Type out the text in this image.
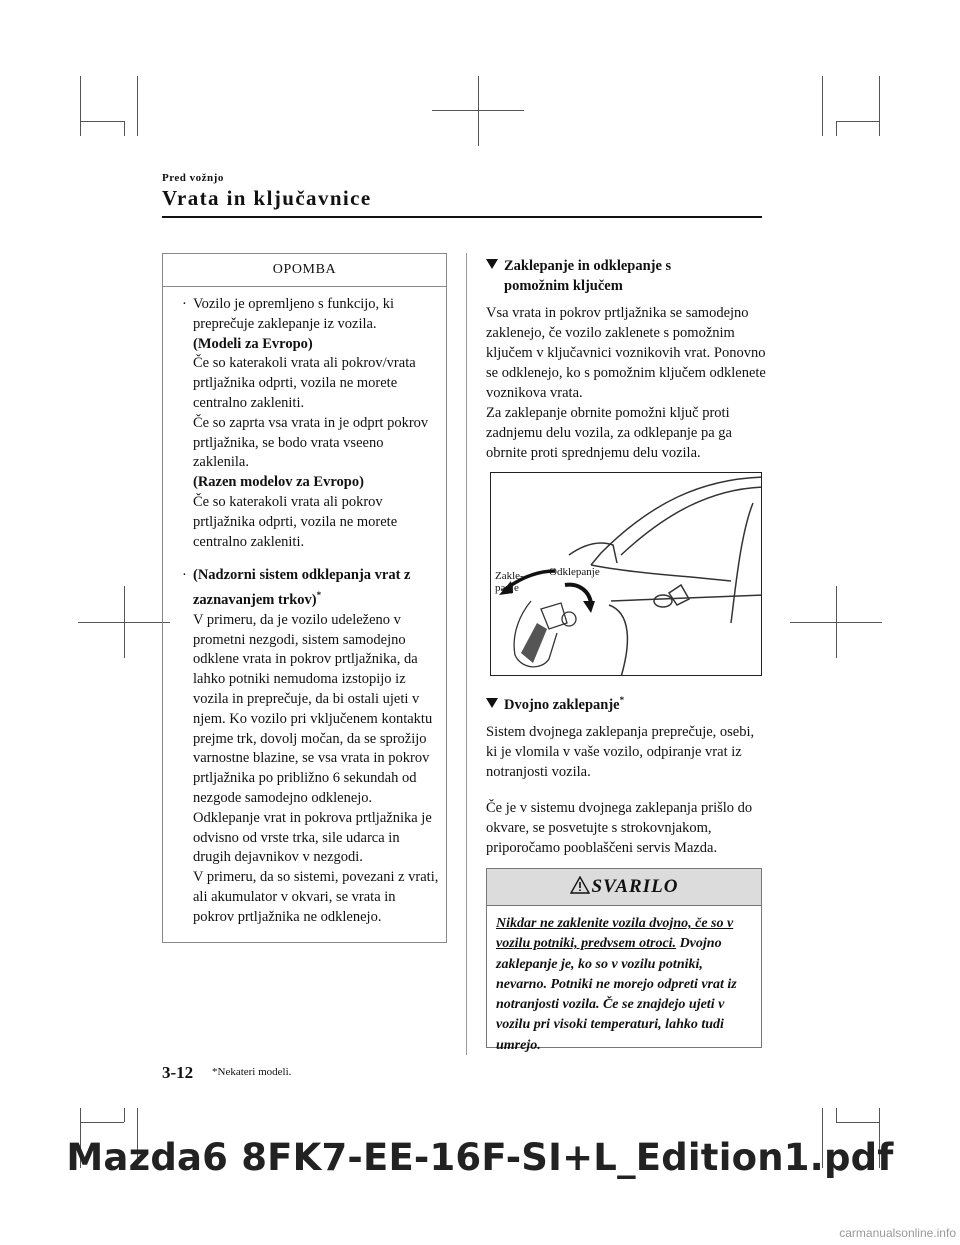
Pred vožnjo
Vrata in ključavnice
OPOMBA
· Vozilo je opremljeno s funkcijo, ki preprečuje zaklepanje iz vozila.

(Modeli za Evropo)

Če so katerakoli vrata ali pokrov/vrata prtljažnika odprti, vozila ne morete centralno zakleniti.

Če so zaprta vsa vrata in je odprt pokrov prtljažnika, se bodo vrata vseeno zaklenila.

(Razen modelov za Evropo)

Če so katerakoli vrata ali pokrov prtljažnika odprti, vozila ne morete centralno zakleniti.

· (Nadzorni sistem odklepanja vrat z zaznavanjem trkov)*

V primeru, da je vozilo udeleženo v prometni nezgodi, sistem samodejno odklene vrata in pokrov prtljažnika, da lahko potniki nemudoma izstopijo iz vozila in preprečuje, da bi ostali ujeti v njem. Ko vozilo pri vključenem kontaktu prejme trk, dovolj močan, da se sprožijo varnostne blazine, se vsa vrata in pokrov prtljažnika po približno 6 sekundah od nezgode samodejno odklenejo.

Odklepanje vrat in pokrova prtljažnika je odvisno od vrste trka, sile udarca in drugih dejavnikov v nezgodi.

V primeru, da so sistemi, povezani z vrati, ali akumulator v okvari, se vrata in pokrov prtljažnika ne odklenejo.

Zaklepanje in odklepanje s
pomožnim ključem

Vsa vrata in pokrov prtljažnika se samodejno zaklenejo, če vozilo zaklenete s pomožnim ključem v ključavnici voznikovih vrat. Ponovno se odklenejo, ko s pomožnim ključem odklenete voznikova vrata.

Za zaklepanje obrnite pomožni ključ proti zadnjemu delu vozila, za odklepanje pa ga obrnite proti sprednjemu delu vozila.

Zakle-
panje
Odklepanje
Dvojno zaklepanje*

Sistem dvojnega zaklepanja preprečuje, osebi, ki je vlomila v vaše vozilo, odpiranje vrat iz notranjosti vozila.

Če je v sistemu dvojnega zaklepanja prišlo do okvare, se posvetujte s strokovnjakom, priporočamo pooblaščeni servis Mazda.

SVARILO

Nikdar ne zaklenite vozila dvojno, če so v vozilu potniki, predvsem otroci. Dvojno zaklepanje je, ko so v vozilu potniki, nevarno. Potniki ne morejo odpreti vrat iz notranjosti vozila. Če se znajdejo ujeti v vozilu pri visoki temperaturi, lahko tudi umrejo.

3-12 *Nekateri modeli.
Mazda6 8FK7-EE-16F-SI+L_Edition1.pdf
carmanualsonline.info
